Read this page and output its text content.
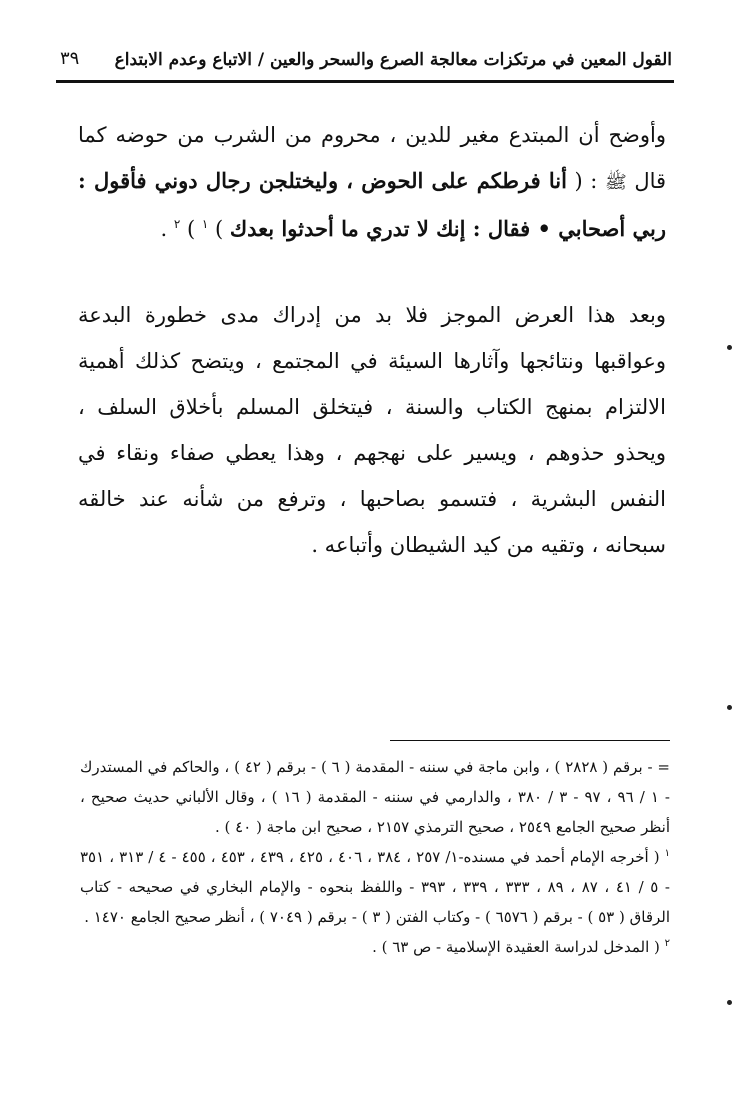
القول المعين في مرتكزات معالجة الصرع والسحر والعين / الاتباع وعدم الابتداع
٣٩

وأوضح أن المبتدع مغير للدين ، محروم من الشرب من حوضه كما قال ﷺ : ( أنا فرطكم على الحوض ، وليختلجن رجال دوني فأقول : ربي أصحابي • فقال : إنك لا تدري ما أحدثوا بعدك ) $^١$ ) $^٢$ .

وبعد هذا العرض الموجز فلا بد من إدراك مدى خطورة البدعة وعواقبها ونتائجها وآثارها السيئة في المجتمع ، ويتضح كذلك أهمية الالتزام بمنهج الكتاب والسنة ، فيتخلق المسلم بأخلاق السلف ، ويحذو حذوهم ، ويسير على نهجهم ، وهذا يعطي صفاء ونقاء في النفس البشرية ، فتسمو بصاحبها ، وترفع من شأنه عند خالقه سبحانه ، وتقيه من كيد الشيطان وأتباعه .

= - برقم ( ٢٨٢٨ ) ، وابن ماجة في سننه - المقدمة ( ٦ ) - برقم ( ٤٢ ) ، والحاكم في المستدرك - ١ / ٩٦ ، ٩٧ - ٣ / ٣٨٠ ، والدارمي في سننه - المقدمة ( ١٦ ) ، وقال الألباني حديث صحيح ، أنظر صحيح الجامع ٢٥٤٩ ، صحيح الترمذي ٢١٥٧ ، صحيح ابن ماجة ( ٤٠ ) .

$^١$ ( أخرجه الإمام أحمد في مسنده-١/ ٢٥٧ ، ٣٨٤ ، ٤٠٦ ، ٤٢٥ ، ٤٣٩ ، ٤٥٣ ، ٤٥٥ - ٤ / ٣١٣ ، ٣٥١ - ٥ / ٤١ ، ٨٧ ، ٨٩ ، ٣٣٣ ، ٣٣٩ ، ٣٩٣ - واللفظ بنحوه - والإمام البخاري في صحيحه - كتاب الرقاق ( ٥٣ ) - برقم ( ٦٥٧٦ ) - وكتاب الفتن ( ٣ ) - برقم ( ٧٠٤٩ ) ، أنظر صحيح الجامع ١٤٧٠ .

$^٢$ ( المدخل لدراسة العقيدة الإسلامية - ص ٦٣ ) .
